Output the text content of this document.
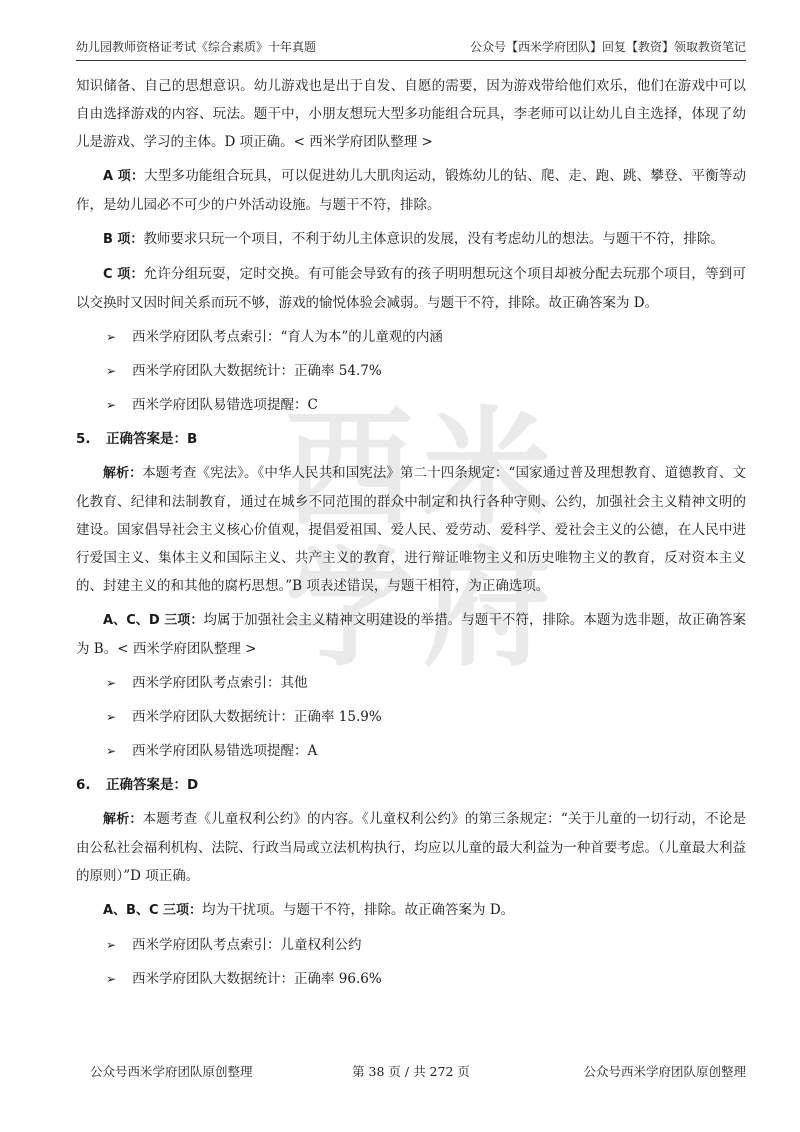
幼儿园教师资格证考试《综合素质》十年真题	公众号【西米学府团队】回复【教资】领取教资笔记
西米学府

知识储备、自己的思想意识。幼儿游戏也是出于自发、自愿的需要，因为游戏带给他们欢乐，他们在游戏中可以自由选择游戏的内容、玩法。题干中，小朋友想玩大型多功能组合玩具，李老师可以让幼儿自主选择，体现了幼儿是游戏、学习的主体。D 项正确。< 西米学府团队整理 >

A 项：大型多功能组合玩具，可以促进幼儿大肌肉运动，锻炼幼儿的钻、爬、走、跑、跳、攀登、平衡等动作，是幼儿园必不可少的户外活动设施。与题干不符，排除。

B 项：教师要求只玩一个项目，不利于幼儿主体意识的发展，没有考虑幼儿的想法。与题干不符，排除。

C 项：允许分组玩耍，定时交换。有可能会导致有的孩子明明想玩这个项目却被分配去玩那个项目，等到可以交换时又因时间关系而玩不够，游戏的愉悦体验会减弱。与题干不符，排除。故正确答案为 D。

➢ 西米学府团队考点索引：“育人为本”的儿童观的内涵
➢ 西米学府团队大数据统计：正确率 54.7%
➢ 西米学府团队易错选项提醒：C
5. 正确答案是：B

解析：本题考查《宪法》。《中华人民共和国宪法》第二十四条规定：“国家通过普及理想教育、道德教育、文化教育、纪律和法制教育，通过在城乡不同范围的群众中制定和执行各种守则、公约，加强社会主义精神文明的建设。国家倡导社会主义核心价值观，提倡爱祖国、爱人民、爱劳动、爱科学、爱社会主义的公德，在人民中进行爱国主义、集体主义和国际主义、共产主义的教育，进行辩证唯物主义和历史唯物主义的教育，反对资本主义的、封建主义的和其他的腐朽思想。”B 项表述错误，与题干相符，为正确选项。

A、C、D 三项：均属于加强社会主义精神文明建设的举措。与题干不符，排除。本题为选非题，故正确答案为 B。< 西米学府团队整理 >

➢ 西米学府团队考点索引：其他
➢ 西米学府团队大数据统计：正确率 15.9%
➢ 西米学府团队易错选项提醒：A
6. 正确答案是：D

解析：本题考查《儿童权利公约》的内容。《儿童权利公约》的第三条规定：“关于儿童的一切行动，不论是由公私社会福利机构、法院、行政当局或立法机构执行，均应以儿童的最大利益为一种首要考虑。（儿童最大利益的原则）”D 项正确。

A、B、C 三项：均为干扰项。与题干不符，排除。故正确答案为 D。

➢ 西米学府团队考点索引：儿童权利公约
➢ 西米学府团队大数据统计：正确率 96.6%
公众号西米学府团队原创整理	第 38 页 / 共 272 页	公众号西米学府团队原创整理
